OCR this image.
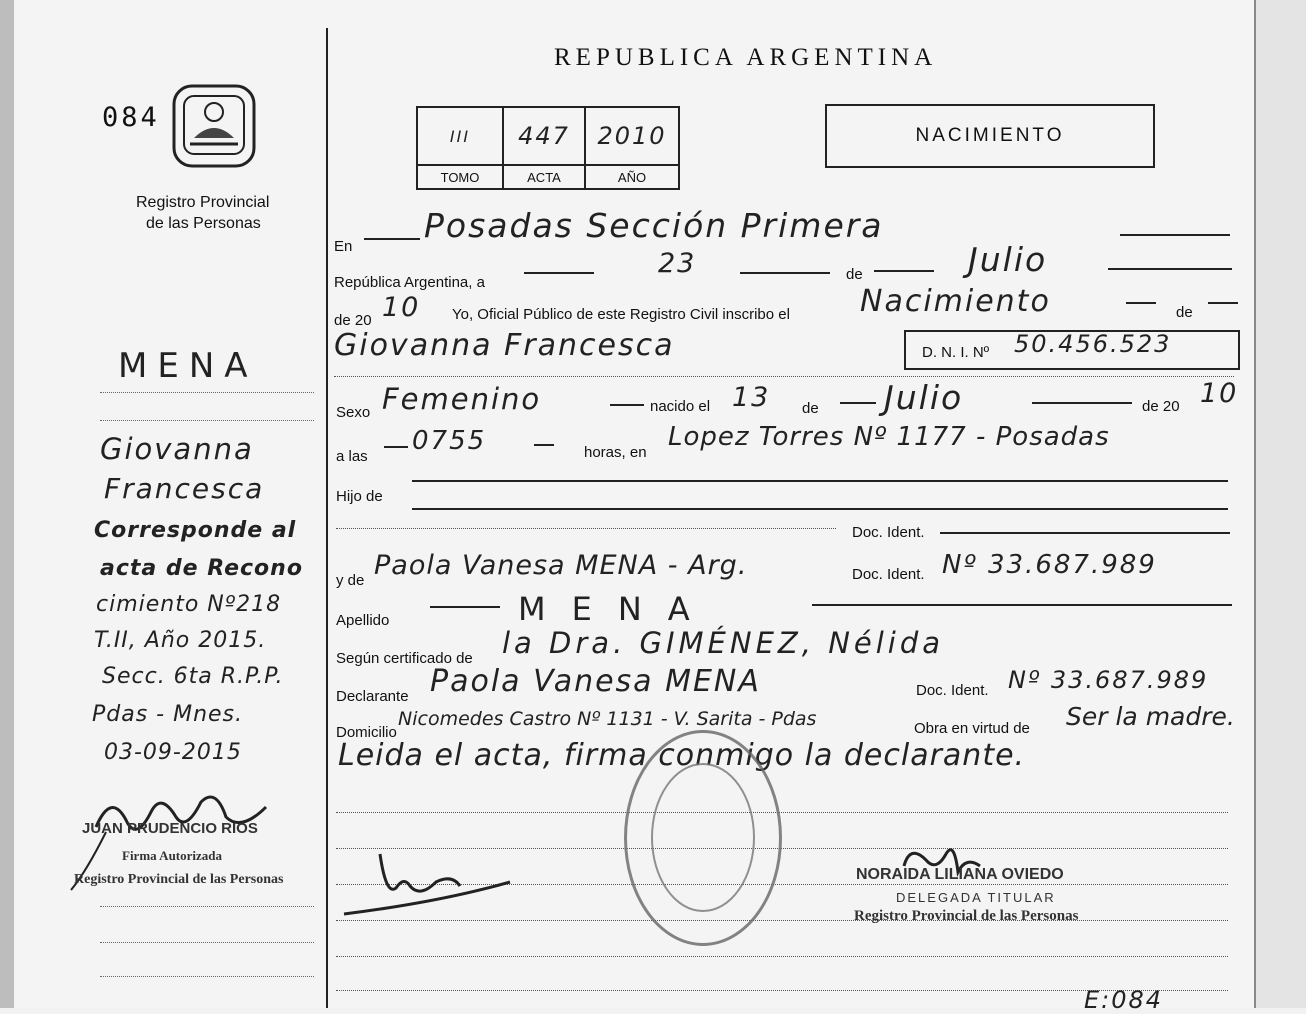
084
Registro Provincial
de las Personas
REPUBLICA ARGENTINA
III	447	2010
TOMO	ACTA	AÑO
NACIMIENTO
MENA
Giovanna
Francesca
Corresponde al
acta de Recono
cimiento Nº218
T.II, Año 2015.
Secc. 6ta R.P.P.
Pdas - Mnes.
03-09-2015
JUAN PRUDENCIO RIOS
Firma Autorizada
Registro Provincial de las Personas
En
Posadas Sección Primera
República Argentina, a
23	de	Julio
de 20 10 Yo, Oficial Público de este Registro Civil inscribo el Nacimiento	de
Giovanna Francesca	D. N. I. Nº 50.456.523
Sexo Femenino	nacido el 13 de Julio	de 20 10
a las
0755	horas, en
Lopez Torres Nº 1177 - Posadas
Hijo de
Doc. Ident.
y de Paola Vanesa MENA - Arg.	Doc. Ident. Nº 33.687.989
Apellido	MENA
Según certificado de la Dra. GIMÉNEZ, Nélida
Declarante Paola Vanesa MENA	Doc. Ident. Nº 33.687.989
Domicilio
Nicomedes Castro Nº 1131 - V. Sarita - Pdas	Obra en virtud de Ser la madre.
Leida el acta, firma conmigo la declarante.
NORAIDA LILIANA OVIEDO
DELEGADA TITULAR
Registro Provincial de las Personas
E:084
